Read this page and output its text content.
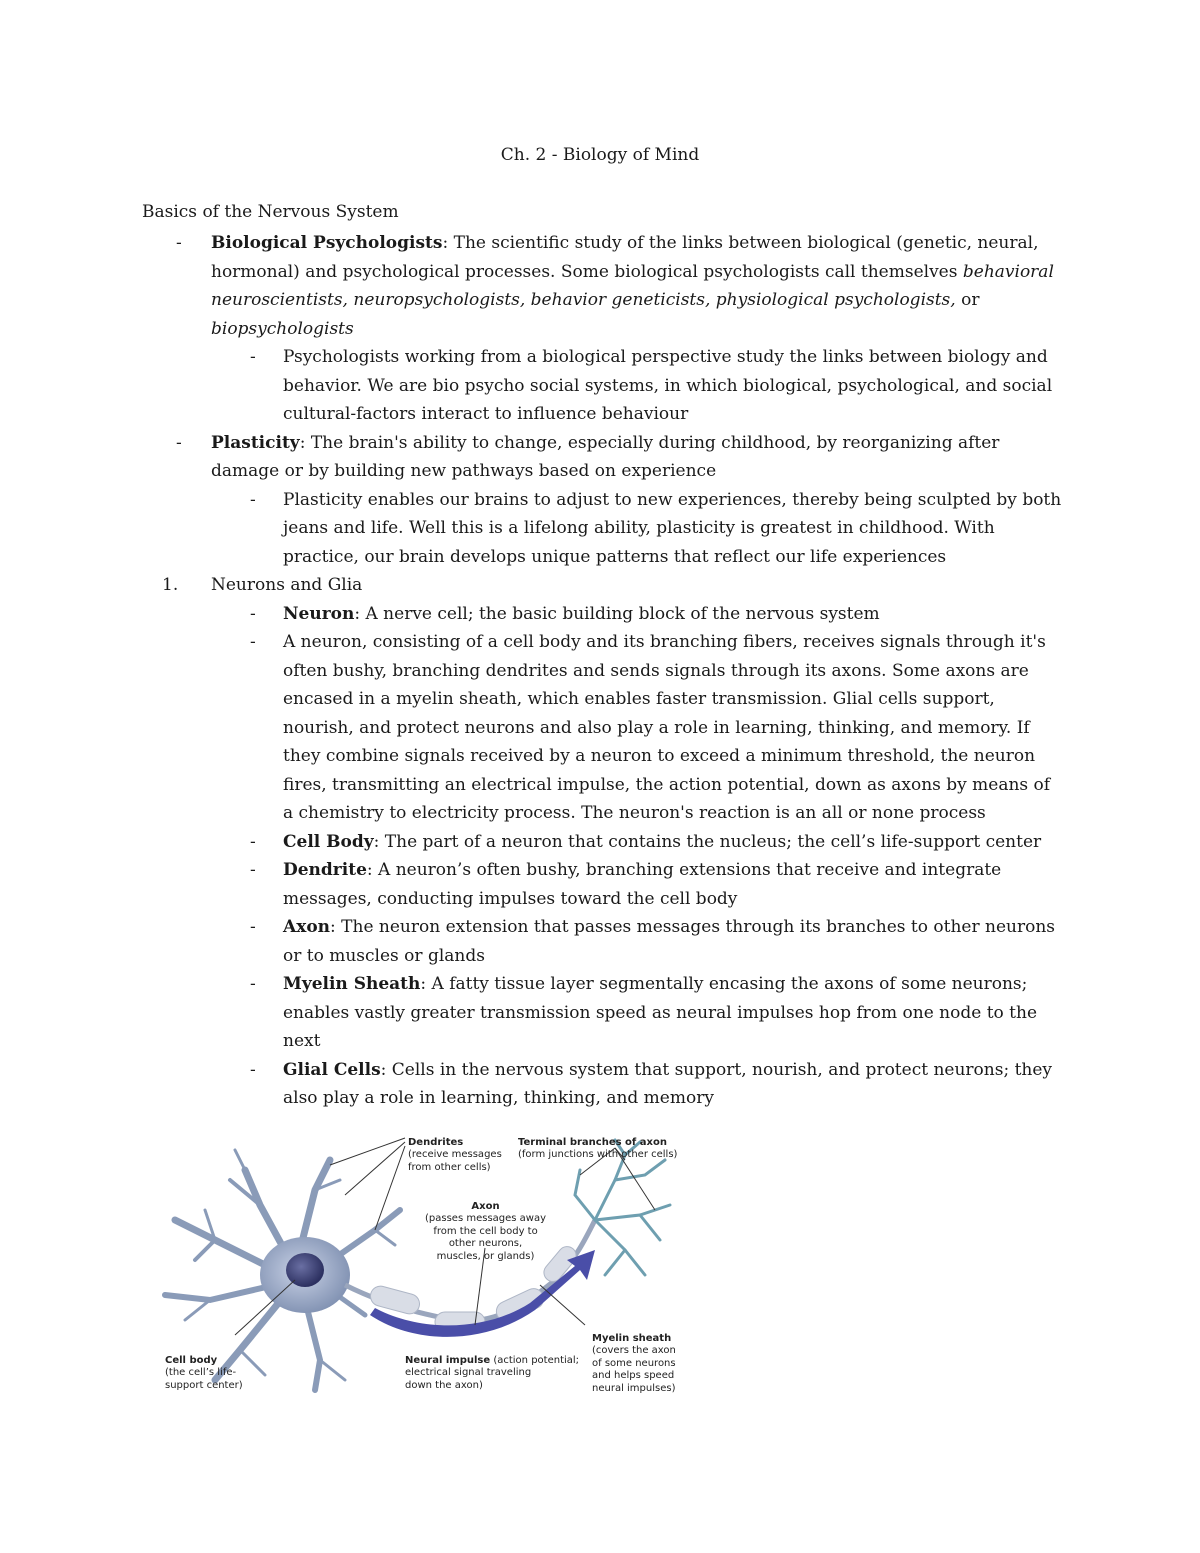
Ch. 2 - Biology of Mind
Basics of the Nervous System
- Biological Psychologists: The scientific study of the links between biological (genetic, neural, hormonal) and psychological processes. Some biological psychologists call themselves behavioral neuroscientists, neuropsychologists, behavior geneticists, physiological psychologists, or biopsychologists
- Psychologists working from a biological perspective study the links between biology and behavior. We are bio psycho social systems, in which biological, psychological, and social cultural-factors interact to influence behaviour
- Plasticity: The brain's ability to change, especially during childhood, by reorganizing after damage or by building new pathways based on experience
- Plasticity enables our brains to adjust to new experiences, thereby being sculpted by both jeans and life. Well this is a lifelong ability, plasticity is greatest in childhood. With practice, our brain develops unique patterns that reflect our life experiences
1. Neurons and Glia
- Neuron: A nerve cell; the basic building block of the nervous system
- A neuron, consisting of a cell body and its branching fibers, receives signals through it's often bushy, branching dendrites and sends signals through its axons. Some axons are encased in a myelin sheath, which enables faster transmission. Glial cells support, nourish, and protect neurons and also play a role in learning, thinking, and memory. If they combine signals received by a neuron to exceed a minimum threshold, the neuron fires, transmitting an electrical impulse, the action potential, down as axons by means of a chemistry to electricity process. The neuron's reaction is an all or none process
- Cell Body: The part of a neuron that contains the nucleus; the cell’s life-support center
- Dendrite: A neuron’s often bushy, branching extensions that receive and integrate messages, conducting impulses toward the cell body
- Axon: The neuron extension that passes messages through its branches to other neurons or to muscles or glands
- Myelin Sheath: A fatty tissue layer segmentally encasing the axons of some neurons; enables vastly greater transmission speed as neural impulses hop from one node to the next
- Glial Cells: Cells in the nervous system that support, nourish, and protect neurons; they also play a role in learning, thinking, and memory

Dendrites
(receive messages
from other cells)

Terminal branches of axon
(form junctions with other cells)

Axon
(passes messages away
from the cell body to
other neurons,
muscles, or glands)

Cell body
(the cell’s life-
support center)

Neural impulse (action potential;
electrical signal traveling
down the axon)

Myelin sheath
(covers the axon
of some neurons
and helps speed
neural impulses)
